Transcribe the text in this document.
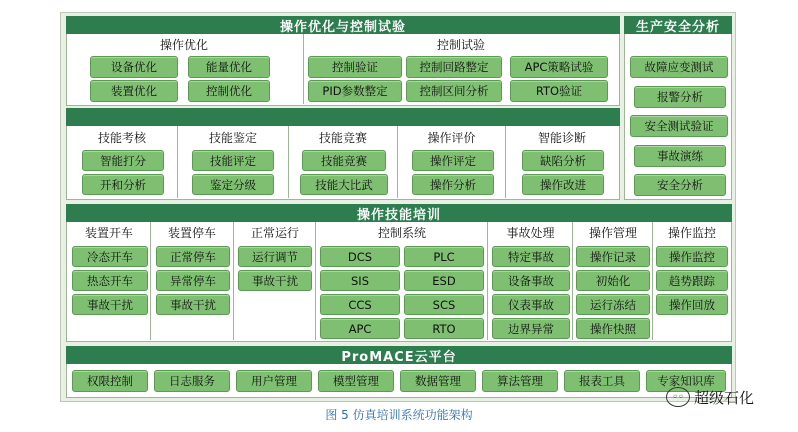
操作优化与控制试验
操作优化
设备优化	能量优化
装置优化	控制优化
控制试验
控制验证	控制回路整定	APC策略试验
PID参数整定	控制区间分析	RTO验证
生产安全分析
故障应变测试
报警分析
安全测试验证
事故演练
安全分析
技能考核
智能打分
开和分析
技能鉴定
技能评定
鉴定分级
技能竞赛
技能竞赛
技能大比武
操作评价
操作评定
操作分析
智能诊断
缺陷分析
操作改进
操作技能培训
装置开车
冷态开车
热态开车
事故干扰
装置停车
正常停车
异常停车
事故干扰
正常运行
运行调节
事故干扰
控制系统
DCS	PLC
SIS	ESD
CCS	SCS
APC	RTO
事故处理
特定事故
设备事故
仪表事故
边界异常
操作管理
操作记录
初始化
运行冻结
操作快照
操作监控
操作监控
趋势跟踪
操作回放
ProMACE云平台
权限控制	日志服务	用户管理	模型管理	数据管理	算法管理	报表工具	专家知识库
◦◦ 超级石化
图 5 仿真培训系统功能架构
